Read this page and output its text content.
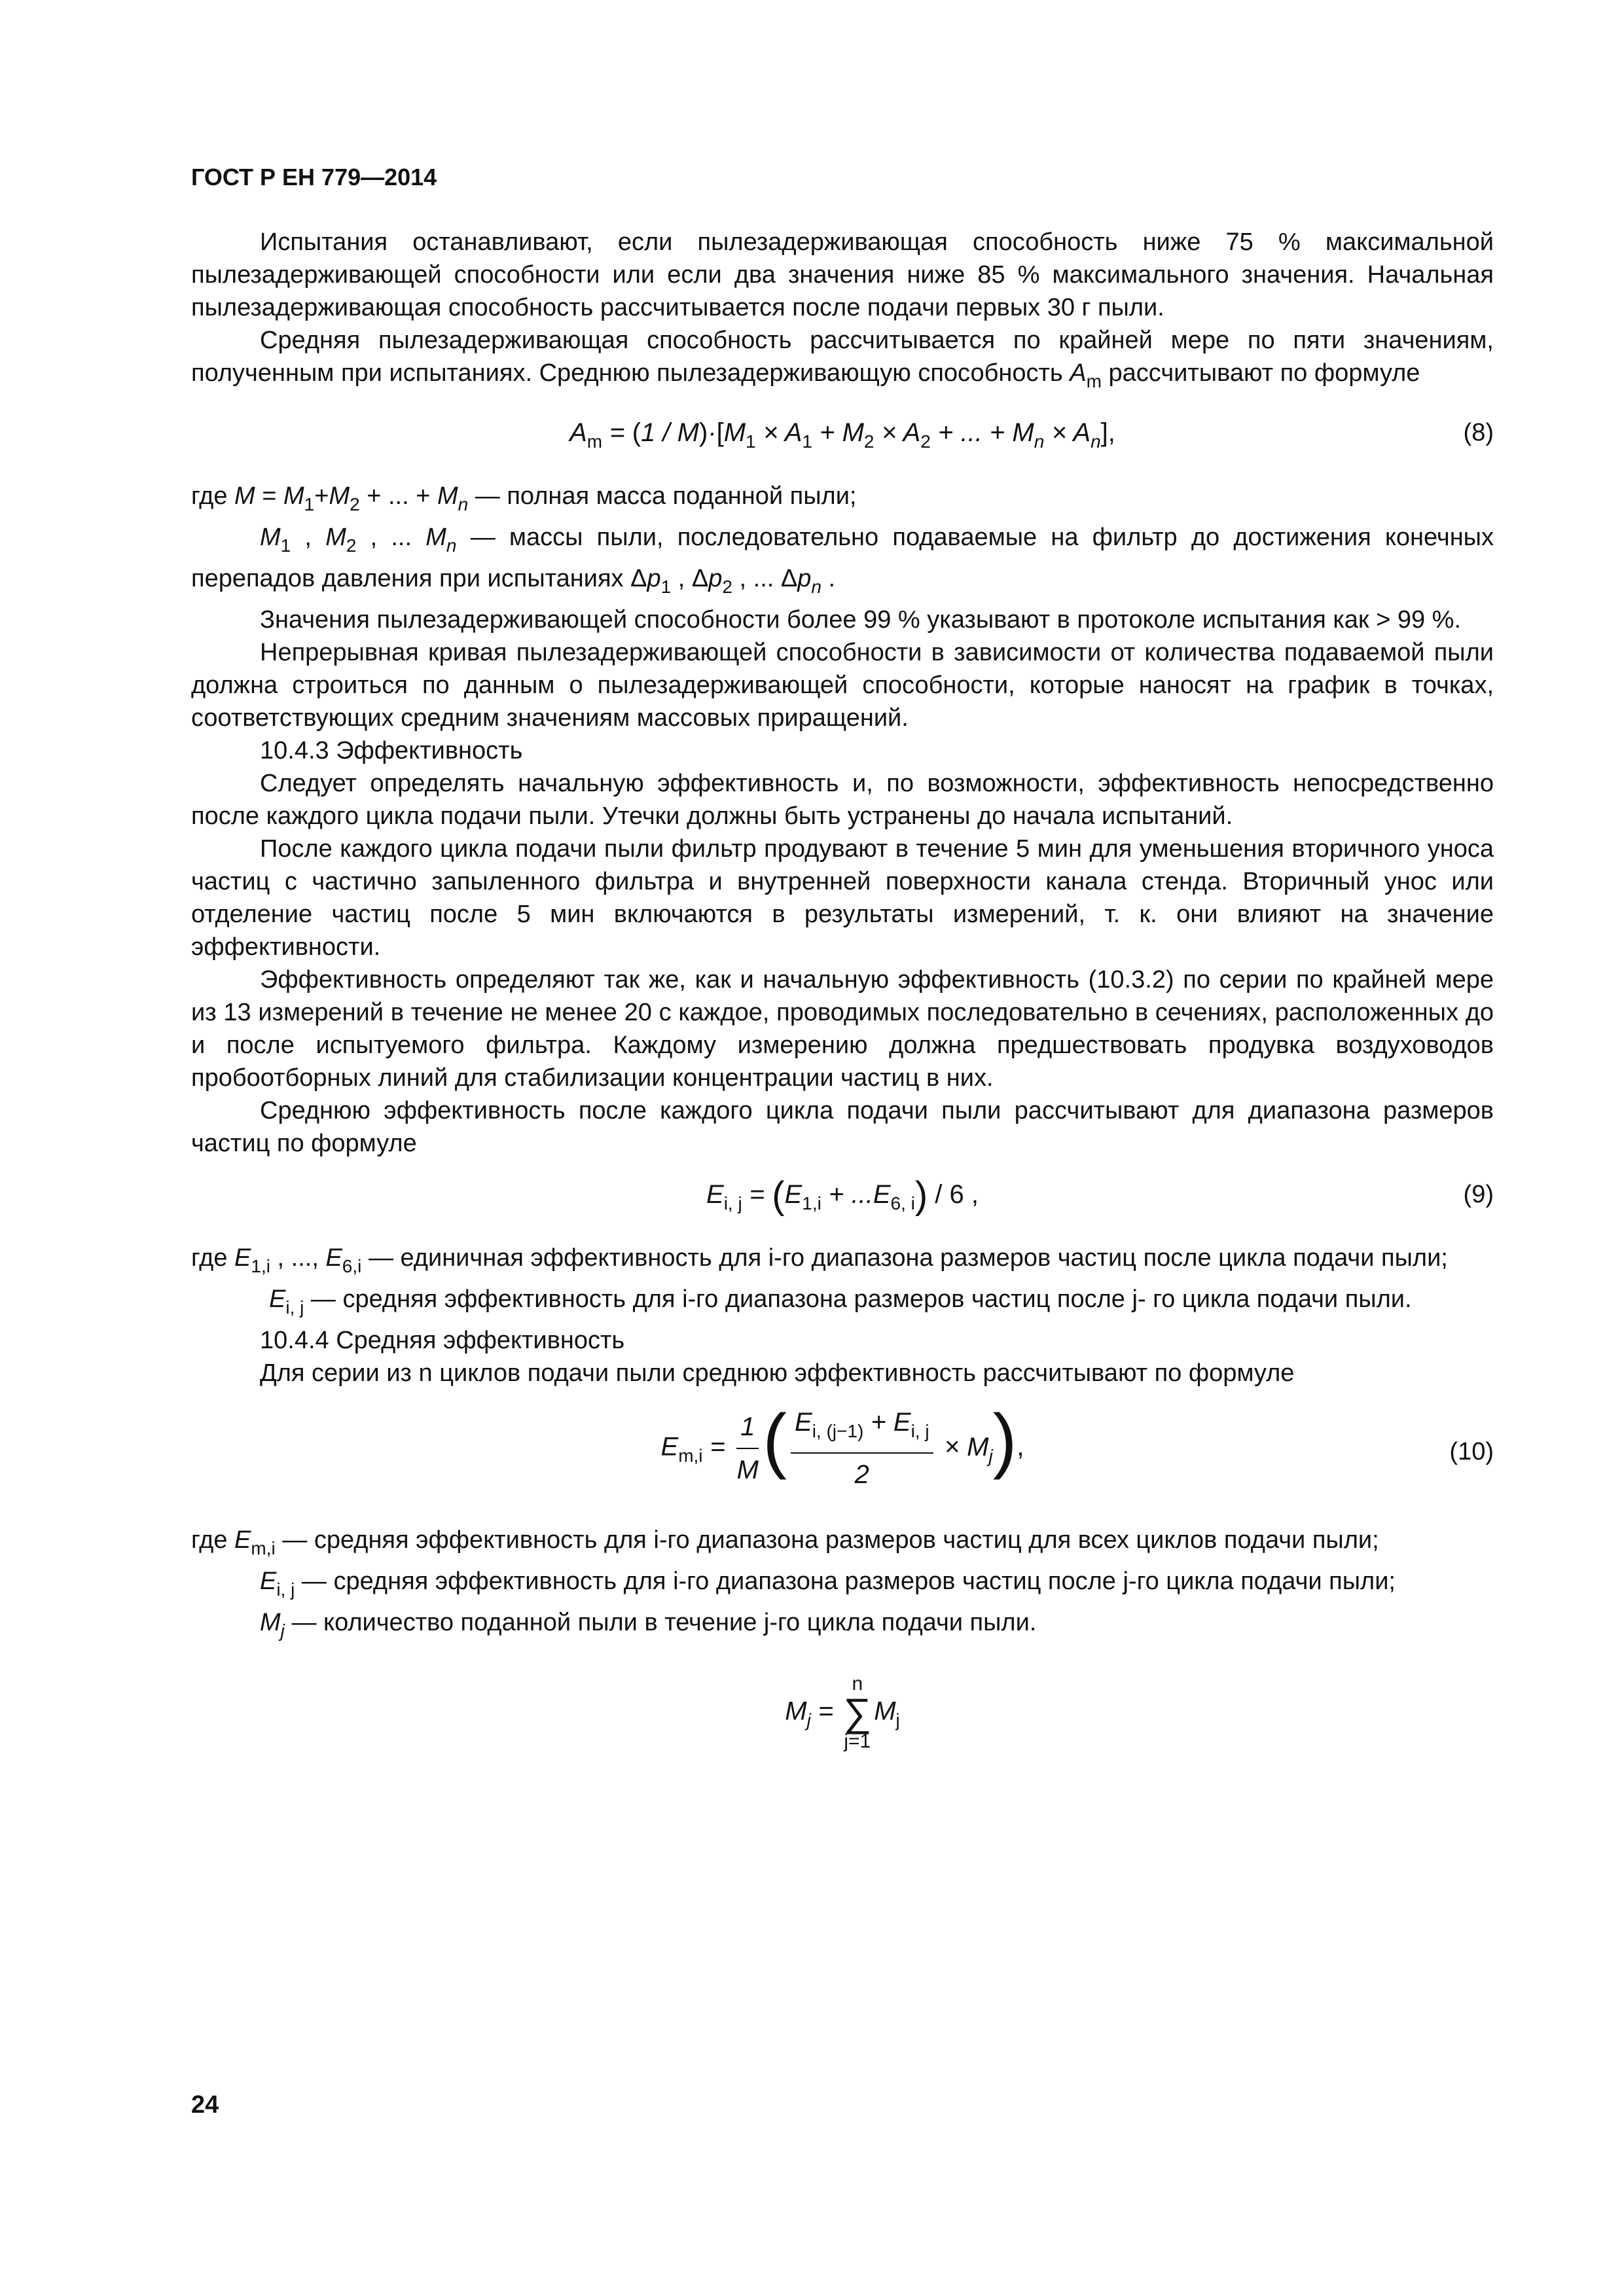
ГОСТ Р ЕН 779—2014

Испытания останавливают, если пылезадерживающая способность ниже 75 % максимальной пылезадерживающей способности или если два значения ниже 85 % максимального значения. Начальная пылезадерживающая способность рассчитывается после подачи первых 30 г пыли.

Средняя пылезадерживающая способность рассчитывается по крайней мере по пяти значениям, полученным при испытаниях. Среднюю пылезадерживающую способность $A_m$ рассчитывают по формуле

$A_m = (1 / M)\cdot[M_1 \times A_1 + M_2 \times A_2$ + ... + $M_n \times A_n$],	(8)

где $M = M_1+M_2$ + ... + $M_n$ — полная масса поданной пыли;

$M_1$ , $M_2$ , ... $M_n$ — массы пыли, последовательно подаваемые на фильтр до достижения конечных перепадов давления при испытаниях $\Delta p_1$ , $\Delta p_2$ , ... $\Delta p_n$ .

Значения пылезадерживающей способности более 99 % указывают в протоколе испытания как > 99 %.

Непрерывная кривая пылезадерживающей способности в зависимости от количества подаваемой пыли должна строиться по данным о пылезадерживающей способности, которые наносят на график в точках, соответствующих средним значениям массовых приращений.

10.4.3 Эффективность

Следует определять начальную эффективность и, по возможности, эффективность непосредственно после каждого цикла подачи пыли. Утечки должны быть устранены до начала испытаний.

После каждого цикла подачи пыли фильтр продувают в течение 5 мин для уменьшения вторичного уноса частиц с частично запыленного фильтра и внутренней поверхности канала стенда. Вторичный унос или отделение частиц после 5 мин включаются в результаты измерений, т. к. они влияют на значение эффективности.

Эффективность определяют так же, как и начальную эффективность (10.3.2) по серии по крайней мере из 13 измерений в течение не менее 20 с каждое, проводимых последовательно в сечениях, расположенных до и после испытуемого фильтра. Каждому измерению должна предшествовать продувка воздуховодов пробоотборных линий для стабилизации концентрации частиц в них.

Среднюю эффективность после каждого цикла подачи пыли рассчитывают для диапазона размеров частиц по формуле

$E_{i, j} = (E_{1,i} + ...E_{6, i}) / 6$ ,	(9)

где $E_{1,i}$ , ..., $E_{6,i}$ — единичная эффективность для i-го диапазона размеров частиц после цикла подачи пыли;

$E_{i, j}$ — средняя эффективность для i-го диапазона размеров частиц после j- го цикла подачи пыли.

10.4.4 Средняя эффективность

Для серии из n циклов подачи пыли среднюю эффективность рассчитывают по формуле

$E_{m,i} = \frac{1}{M}$ ( $\frac{E_{i, (j-1)} + E_{i, j}}{2} \times M_j$),	(10)

где $E_{m,i}$ — средняя эффективность для i-го диапазона размеров частиц для всех циклов подачи пыли;

$E_{i, j}$ — средняя эффективность для i-го диапазона размеров частиц после j-го цикла подачи пыли;

$M_j$ — количество поданной пыли в течение j-го цикла подачи пыли.

$M_j = n$
∑
$j=1M_j$
24
